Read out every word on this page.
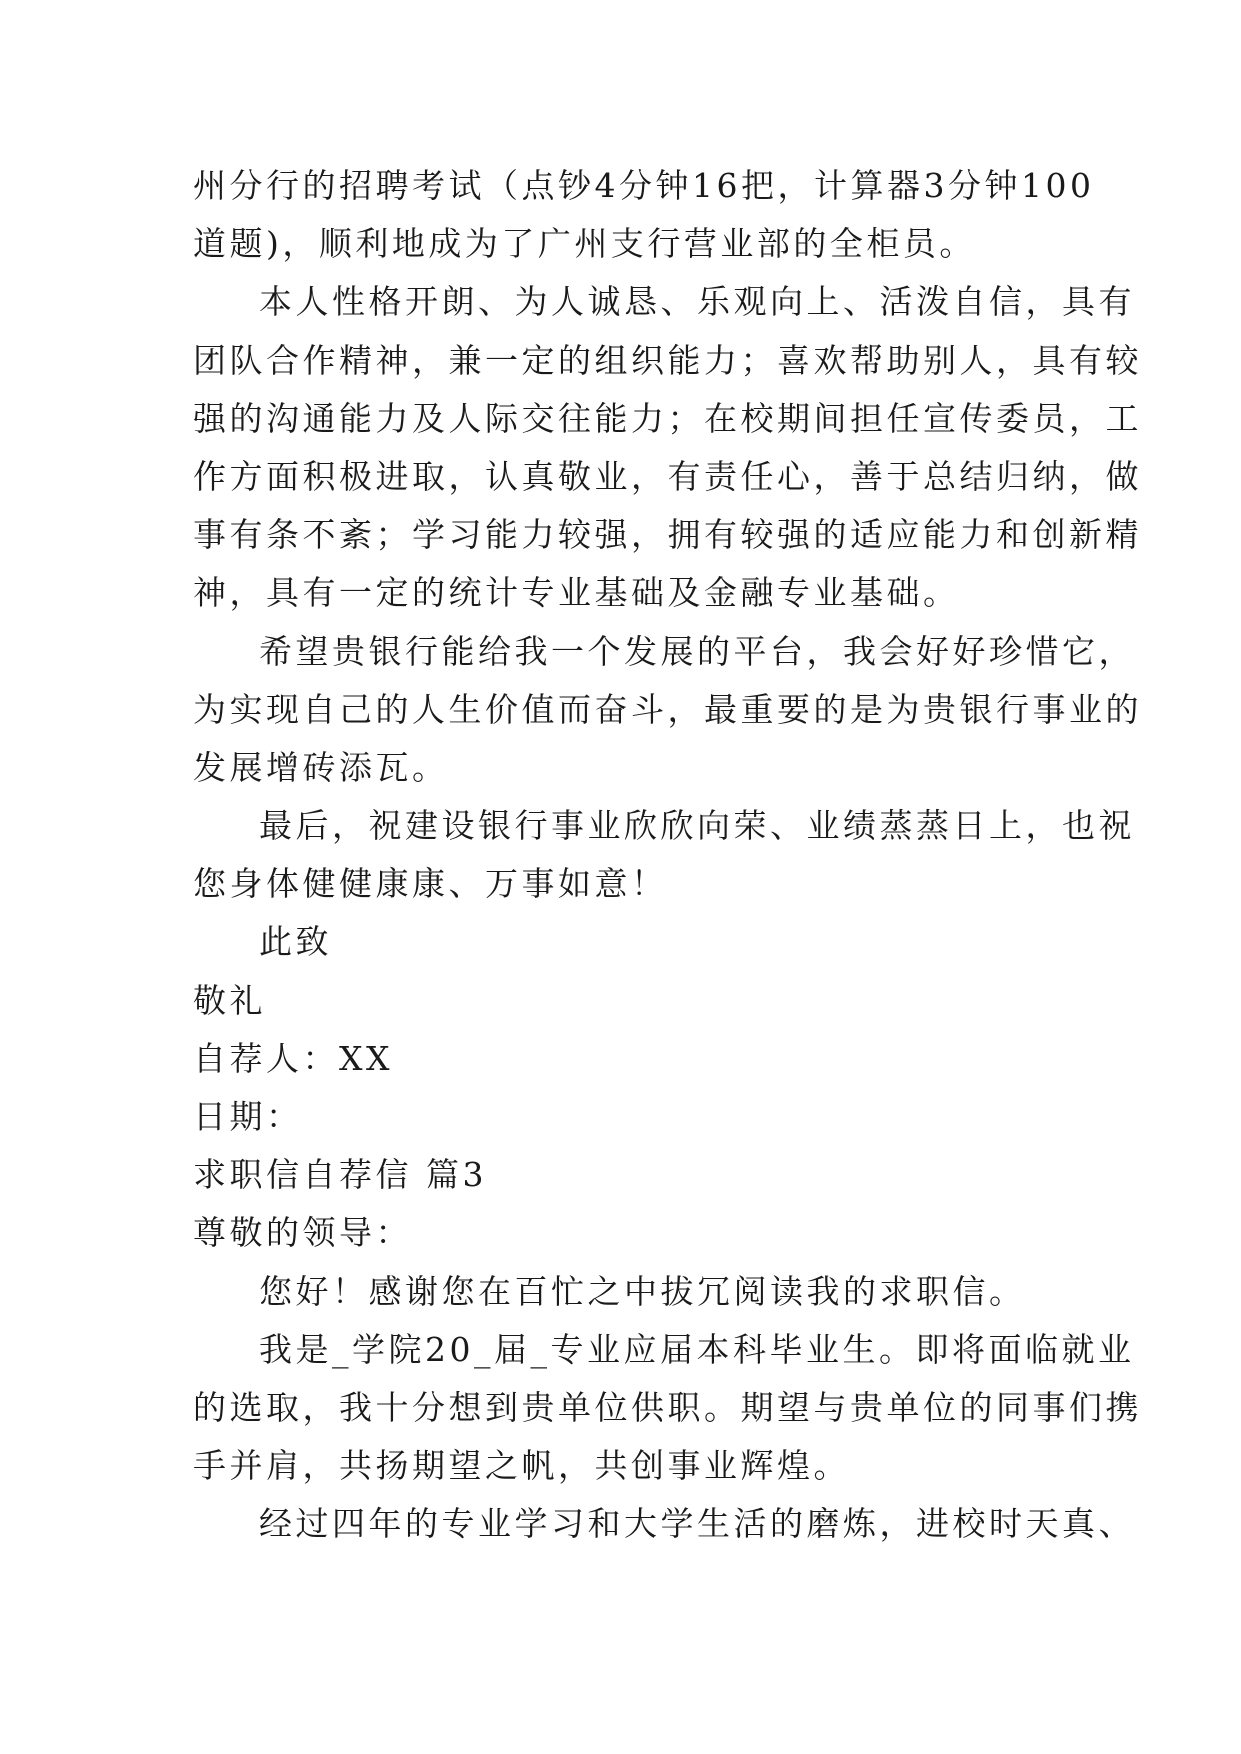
州分行的招聘考试（点钞4分钟16把，计算器3分钟100
道题)，顺利地成为了广州支行营业部的全柜员。
本人性格开朗、为人诚恳、乐观向上、活泼自信，具有
团队合作精神，兼一定的组织能力；喜欢帮助别人，具有较
强的沟通能力及人际交往能力；在校期间担任宣传委员，工
作方面积极进取，认真敬业，有责任心，善于总结归纳，做
事有条不紊；学习能力较强，拥有较强的适应能力和创新精
神，具有一定的统计专业基础及金融专业基础。
希望贵银行能给我一个发展的平台，我会好好珍惜它，
为实现自己的人生价值而奋斗，最重要的是为贵银行事业的
发展增砖添瓦。
最后，祝建设银行事业欣欣向荣、业绩蒸蒸日上，也祝
您身体健健康康、万事如意！
此致
敬礼
自荐人：XX
日期：
求职信自荐信 篇3
尊敬的领导：
您好！感谢您在百忙之中拔冗阅读我的求职信。
我是_学院20_届_专业应届本科毕业生。即将面临就业
的选取，我十分想到贵单位供职。期望与贵单位的同事们携
手并肩，共扬期望之帆，共创事业辉煌。
经过四年的专业学习和大学生活的磨炼，进校时天真、
